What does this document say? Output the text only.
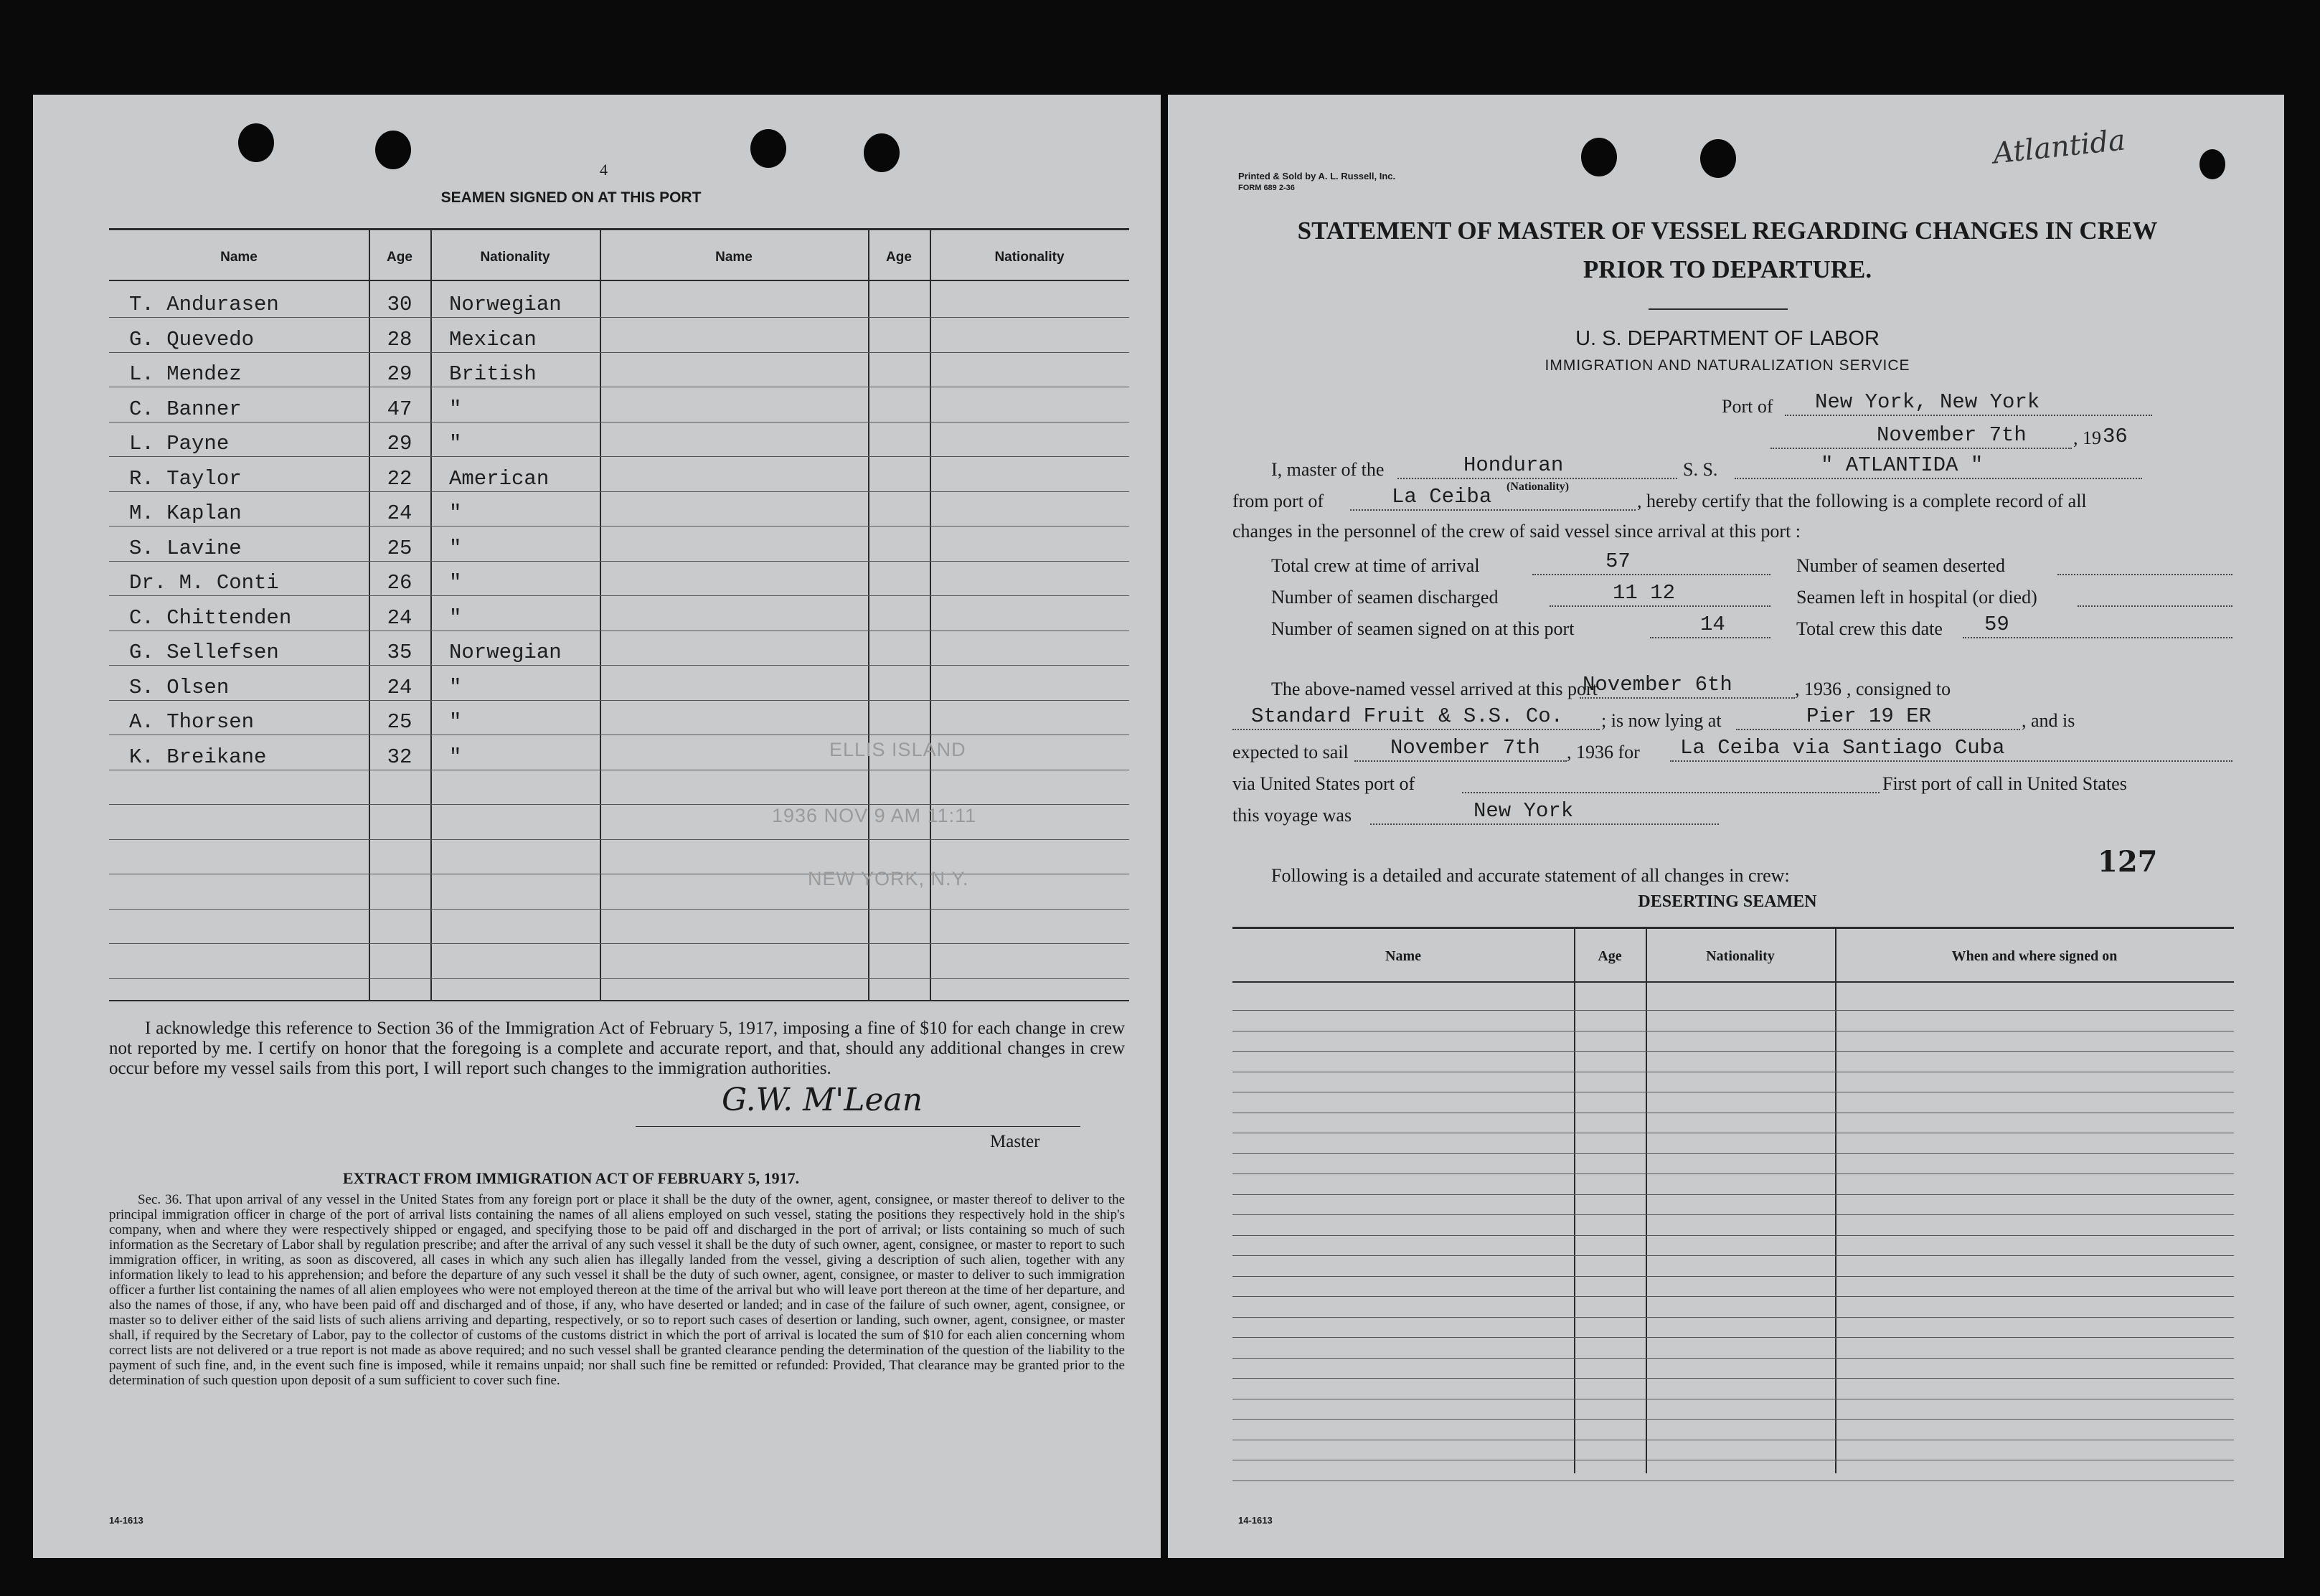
4
SEAMEN SIGNED ON AT THIS PORT
Name	Age	Nationality	Name	Age	Nationality
T. Andurasen	30	Norwegian
G. Quevedo	28	Mexican
L. Mendez	29	British
C. Banner	47	"
L. Payne	29	"
R. Taylor	22	American
M. Kaplan	24	"
S. Lavine	25	"
Dr. M. Conti	26	"
C. Chittenden	24	"
G. Sellefsen	35	Norwegian
S. Olsen	24	"
A. Thorsen	25	"
K. Breikane	32	"	ELLIS ISLAND
1936 NOV 9 AM 11:11
NEW YORK, N.Y.
I acknowledge this reference to Section 36 of the Immigration Act of February 5, 1917, imposing a fine of $10 for each change in crew not reported by me. I certify on honor that the foregoing is a complete and accurate report, and that, should any additional changes in crew occur before my vessel sails from this port, I will report such changes to the immigration authorities.
G.W. M'Lean
Master
EXTRACT FROM IMMIGRATION ACT OF FEBRUARY 5, 1917.
Sec. 36. That upon arrival of any vessel in the United States from any foreign port or place it shall be the duty of the owner, agent, consignee, or master thereof to deliver to the principal immigration officer in charge of the port of arrival lists containing the names of all aliens employed on such vessel, stating the positions they respectively hold in the ship's company, when and where they were respectively shipped or engaged, and specifying those to be paid off and discharged in the port of arrival; or lists containing so much of such information as the Secretary of Labor shall by regulation prescribe; and after the arrival of any such vessel it shall be the duty of such owner, agent, consignee, or master to report to such immigration officer, in writing, as soon as discovered, all cases in which any such alien has illegally landed from the vessel, giving a description of such alien, together with any information likely to lead to his apprehension; and before the departure of any such vessel it shall be the duty of such owner, agent, consignee, or master to deliver to such immigration officer a further list containing the names of all alien employees who were not employed thereon at the time of the arrival but who will leave port thereon at the time of her departure, and also the names of those, if any, who have been paid off and discharged and of those, if any, who have deserted or landed; and in case of the failure of such owner, agent, consignee, or master so to deliver either of the said lists of such aliens arriving and departing, respectively, or so to report such cases of desertion or landing, such owner, agent, consignee, or master shall, if required by the Secretary of Labor, pay to the collector of customs of the customs district in which the port of arrival is located the sum of $10 for each alien concerning whom correct lists are not delivered or a true report is not made as above required; and no such vessel shall be granted clearance pending the determination of the question of the liability to the payment of such fine, and, in the event such fine is imposed, while it remains unpaid; nor shall such fine be remitted or refunded: Provided, That clearance may be granted prior to the determination of such question upon deposit of a sum sufficient to cover such fine.
14-1613
Printed & Sold by A. L. Russell, Inc.
FORM 689 2-36
Atlantida
STATEMENT OF MASTER OF VESSEL REGARDING CHANGES IN CREW
PRIOR TO DEPARTURE.
U. S. DEPARTMENT OF LABOR
IMMIGRATION AND NATURALIZATION SERVICE
Port of New York, New York
November 7th	, 19 36
I, master of the	Honduran
(Nationality)
S. S.	" ATLANTIDA "
from port of	La Ceiba	, hereby certify that the following is a complete record of all
changes in the personnel of the crew of said vessel since arrival at this port :
Total crew at time of arrival	57
Number of seamen discharged	11 12
Number of seamen signed on at this port	14
Number of seamen deserted
Seamen left in hospital (or died)
Total crew this date 59
The above-named vessel arrived at this port
November 6th	, 1936 , consigned to
Standard Fruit & S.S. Co. ; is now lying at	Pier 19 ER	, and is
expected to sail November 7th , 1936 for La Ceiba via Santiago Cuba
via United States port of	First port of call in United States
this voyage was	New York
Following is a detailed and accurate statement of all changes in crew:	127
DESERTING SEAMEN
Name	Age	Nationality	When and where signed on
14-1613
